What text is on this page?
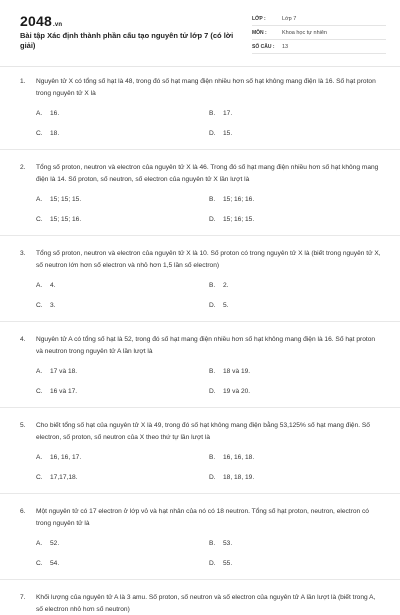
2048.vn
Bài tập Xác định thành phần cấu tạo nguyên tử lớp 7 (có lời giải)
LỚP :	Lớp 7
MÔN :	Khoa học tự nhiên
SỐ CÂU :	13
1. Nguyên tử X có tổng số hạt là 48, trong đó số hạt mang điện nhiều hơn số hạt không mang điện là 16. Số hạt proton trong nguyên tử X là
A. 16.	B. 17.
C. 18.	D. 15.
2. Tổng số proton, neutron và electron của nguyên tử X là 46. Trong đó số hạt mang điện nhiều hơn số hạt không mang điện là 14. Số proton, số neutron, số electron của nguyên tử X lần lượt là
A. 15; 15; 15.	B. 15; 16; 16.
C. 15; 15; 16.	D. 15; 16; 15.
3. Tổng số proton, neutron và electron của nguyên tử X là 10. Số proton có trong nguyên tử X là (biết trong nguyên tử X, số neutron lớn hơn số electron và nhỏ hơn 1,5 lần số electron)
A. 4.	B. 2.
C. 3.	D. 5.
4. Nguyên tử A có tổng số hạt là 52, trong đó số hạt mang điện nhiều hơn số hạt không mang điện là 16. Số hạt proton và neutron trong nguyên tử A lần lượt là
A. 17 và 18.	B. 18 và 19.
C. 16 và 17.	D. 19 và 20.
5. Cho biết tổng số hạt của nguyên tử X là 49, trong đó số hạt không mang điện bằng 53,125% số hạt mang điện. Số electron, số proton, số neutron của X theo thứ tự lần lượt là
A. 16, 16, 17.	B. 16, 16, 18.
C. 17,17,18.	D. 18, 18, 19.
6. Một nguyên tử có 17 electron ở lớp vỏ và hạt nhân của nó có 18 neutron. Tổng số hạt proton, neutron, electron có trong nguyên tử là
A. 52.	B. 53.
C. 54.	D. 55.
7. Khối lượng của nguyên tử A là 3 amu. Số proton, số neutron và số electron của nguyên tử A lần lượt là (biết trong A, số electron nhỏ hơn số neutron)
